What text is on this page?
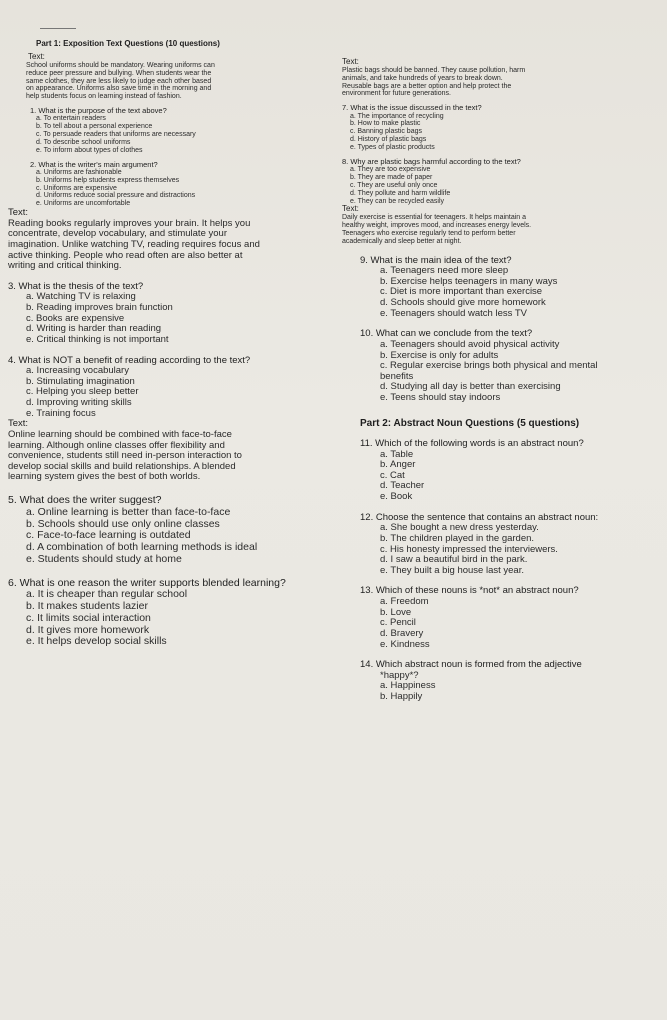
Part 1: Exposition Text Questions (10 questions)
Text:
School uniforms should be mandatory. Wearing uniforms can
reduce peer pressure and bullying. When students wear the
same clothes, they are less likely to judge each other based
on appearance. Uniforms also save time in the morning and
help students focus on learning instead of fashion.
1. What is the purpose of the text above?
a. To entertain readers
b. To tell about a personal experience
c. To persuade readers that uniforms are necessary
d. To describe school uniforms
e. To inform about types of clothes
2. What is the writer's main argument?
a. Uniforms are fashionable
b. Uniforms help students express themselves
c. Uniforms are expensive
d. Uniforms reduce social pressure and distractions
e. Uniforms are uncomfortable
Text:
Reading books regularly improves your brain. It helps you
concentrate, develop vocabulary, and stimulate your
imagination. Unlike watching TV, reading requires focus and
active thinking. People who read often are also better at
writing and critical thinking.
3. What is the thesis of the text?
a. Watching TV is relaxing
b. Reading improves brain function
c. Books are expensive
d. Writing is harder than reading
e. Critical thinking is not important
4. What is NOT a benefit of reading according to the text?
a. Increasing vocabulary
b. Stimulating imagination
c. Helping you sleep better
d. Improving writing skills
e. Training focus
Text:
Online learning should be combined with face-to-face
learning. Although online classes offer flexibility and
convenience, students still need in-person interaction to
develop social skills and build relationships. A blended
learning system gives the best of both worlds.
5. What does the writer suggest?
a. Online learning is better than face-to-face
b. Schools should use only online classes
c. Face-to-face learning is outdated
d. A combination of both learning methods is ideal
e. Students should study at home
6. What is one reason the writer supports blended learning?
a. It is cheaper than regular school
b. It makes students lazier
c. It limits social interaction
d. It gives more homework
e. It helps develop social skills
Text:
Plastic bags should be banned. They cause pollution, harm
animals, and take hundreds of years to break down.
Reusable bags are a better option and help protect the
environment for future generations.
7. What is the issue discussed in the text?
a. The importance of recycling
b. How to make plastic
c. Banning plastic bags
d. History of plastic bags
e. Types of plastic products
8. Why are plastic bags harmful according to the text?
a. They are too expensive
b. They are made of paper
c. They are useful only once
d. They pollute and harm wildlife
e. They can be recycled easily
Text:
Daily exercise is essential for teenagers. It helps maintain a
healthy weight, improves mood, and increases energy levels.
Teenagers who exercise regularly tend to perform better
academically and sleep better at night.
9. What is the main idea of the text?
a. Teenagers need more sleep
b. Exercise helps teenagers in many ways
c. Diet is more important than exercise
d. Schools should give more homework
e. Teenagers should watch less TV
10. What can we conclude from the text?
a. Teenagers should avoid physical activity
b. Exercise is only for adults
c. Regular exercise brings both physical and mental
benefits
d. Studying all day is better than exercising
e. Teens should stay indoors
Part 2: Abstract Noun Questions (5 questions)
11. Which of the following words is an abstract noun?
a. Table
b. Anger
c. Cat
d. Teacher
e. Book
12. Choose the sentence that contains an abstract noun:
a. She bought a new dress yesterday.
b. The children played in the garden.
c. His honesty impressed the interviewers.
d. I saw a beautiful bird in the park.
e. They built a big house last year.
13. Which of these nouns is *not* an abstract noun?
a. Freedom
b. Love
c. Pencil
d. Bravery
e. Kindness
14. Which abstract noun is formed from the adjective
*happy*?
a. Happiness
b. Happily
